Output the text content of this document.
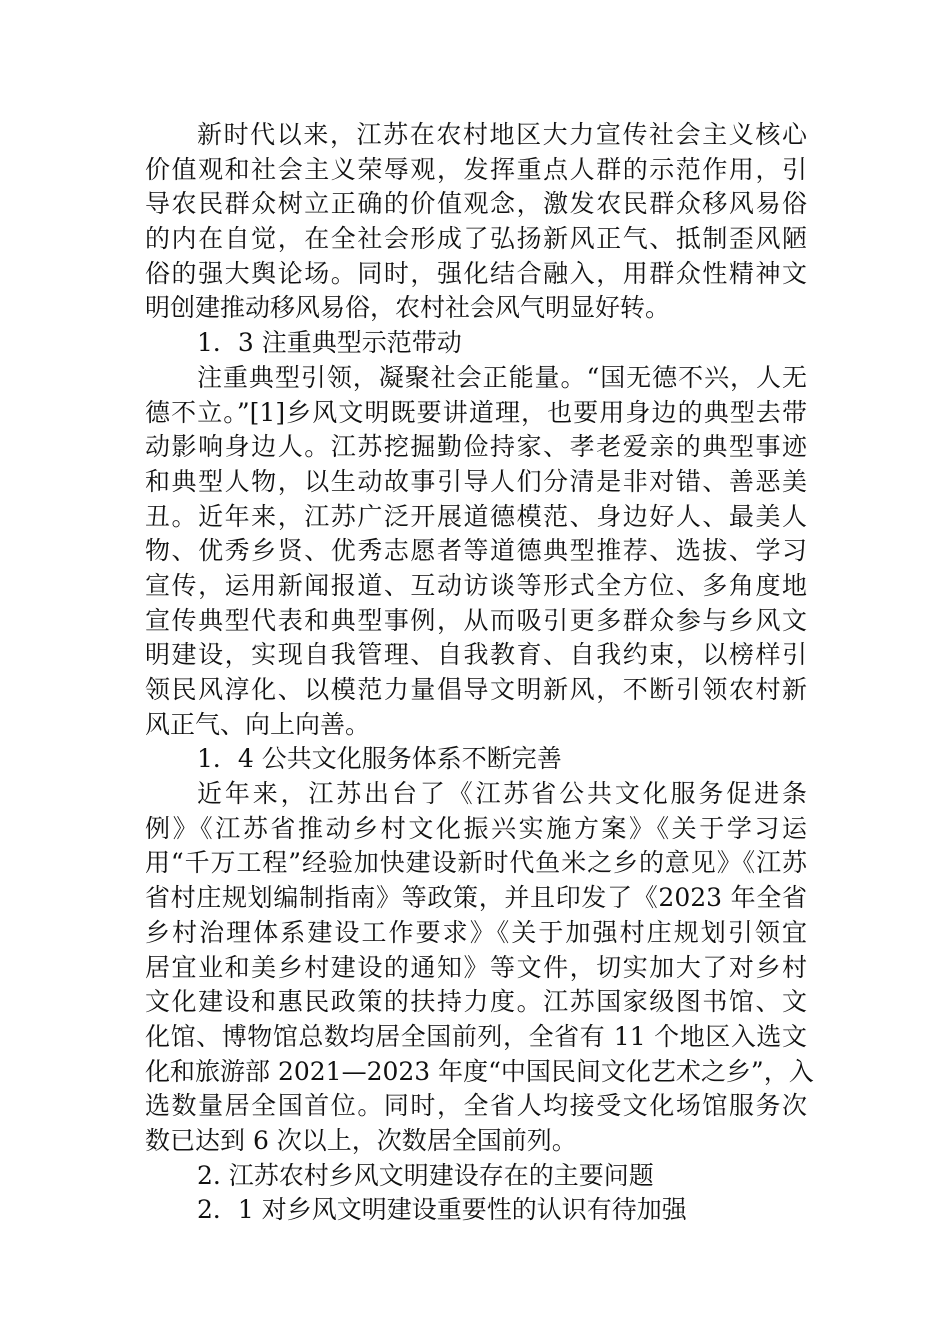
新时代以来，江苏在农村地区大力宣传社会主义核心
价值观和社会主义荣辱观，发挥重点人群的示范作用，引
导农民群众树立正确的价值观念，激发农民群众移风易俗
的内在自觉，在全社会形成了弘扬新风正气、抵制歪风陋
俗的强大舆论场。同时，强化结合融入，用群众性精神文
明创建推动移风易俗，农村社会风气明显好转。
1．3 注重典型示范带动
注重典型引领，凝聚社会正能量。“国无德不兴，人无
德不立。”[1]乡风文明既要讲道理，也要用身边的典型去带
动影响身边人。江苏挖掘勤俭持家、孝老爱亲的典型事迹
和典型人物，以生动故事引导人们分清是非对错、善恶美
丑。近年来，江苏广泛开展道德模范、身边好人、最美人
物、优秀乡贤、优秀志愿者等道德典型推荐、选拔、学习
宣传，运用新闻报道、互动访谈等形式全方位、多角度地
宣传典型代表和典型事例，从而吸引更多群众参与乡风文
明建设，实现自我管理、自我教育、自我约束，以榜样引
领民风淳化、以模范力量倡导文明新风，不断引领农村新
风正气、向上向善。
1．4 公共文化服务体系不断完善
近年来，江苏出台了《江苏省公共文化服务促进条
例》《江苏省推动乡村文化振兴实施方案》《关于学习运
用“千万工程”经验加快建设新时代鱼米之乡的意见》《江苏
省村庄规划编制指南》等政策，并且印发了《2023 年全省
乡村治理体系建设工作要求》《关于加强村庄规划引领宜
居宜业和美乡村建设的通知》等文件，切实加大了对乡村
文化建设和惠民政策的扶持力度。江苏国家级图书馆、文
化馆、博物馆总数均居全国前列，全省有 11 个地区入选文
化和旅游部 2021—2023 年度“中国民间文化艺术之乡”，入
选数量居全国首位。同时，全省人均接受文化场馆服务次
数已达到 6 次以上，次数居全国前列。
2. 江苏农村乡风文明建设存在的主要问题
2．1 对乡风文明建设重要性的认识有待加强
